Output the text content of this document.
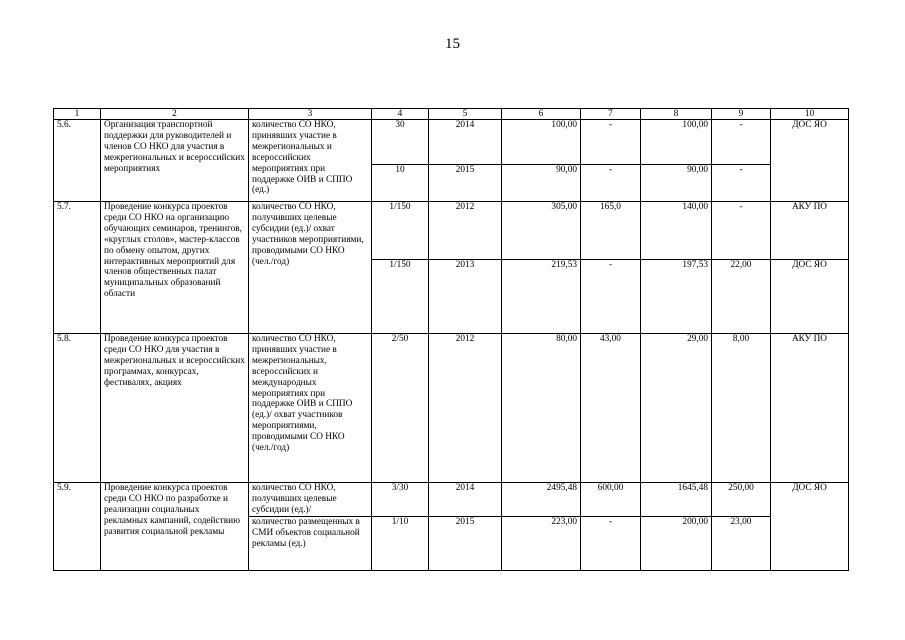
15
1	2	3	4	5	6	7	8	9	10
5.6.	Организация транспортной поддержки для руководителей и членов СО НКО для участия в межрегиональных и всероссийских мероприятиях	количество СО НКО, принявших участие в межрегиональных и всероссийских мероприятиях при поддержке ОИВ и СППО (ед.)	30	2014	100,00	-	100,00	-	ДОС ЯО
			10	2015	90,00	-	90,00	-	
5.7.	Проведение конкурса проектов среди СО НКО на организацию обучающих семинаров, тренингов, «круглых столов», мастер-классов по обмену опытом, других интерактивных мероприятий для членов общественных палат муниципальных образований области	количество СО НКО, получивших целевые субсидии (ед.)/ охват участников мероприятиями, проводимыми СО НКО (чел./год)	1/150	2012	305,00	165,0	140,00	-	АКУ ПО
			1/150	2013	219,53	-	197,53	22,00	ДОС ЯО
5.8.	Проведение конкурса проектов среди СО НКО для участия в межрегиональных и всероссийских программах, конкурсах, фестивалях, акциях	количество СО НКО, принявших участие в межрегиональных, всероссийских и международных мероприятиях при поддержке ОИВ и СППО (ед.)/ охват участников мероприятиями, проводимыми СО НКО (чел./год)	2/50	2012	80,00	43,00	29,00	8,00	АКУ ПО
5.9.	Проведение конкурса проектов среди СО НКО по разработке и реализации социальных рекламных кампаний, содействию развития социальной рекламы	количество СО НКО, получивших целевые субсидии (ед.)/	3/30	2014	2495,48	600,00	1645,48	250,00	ДОС ЯО
		количество размещенных в СМИ объектов социальной рекламы (ед.)	1/10	2015	223,00	-	200,00	23,00	
